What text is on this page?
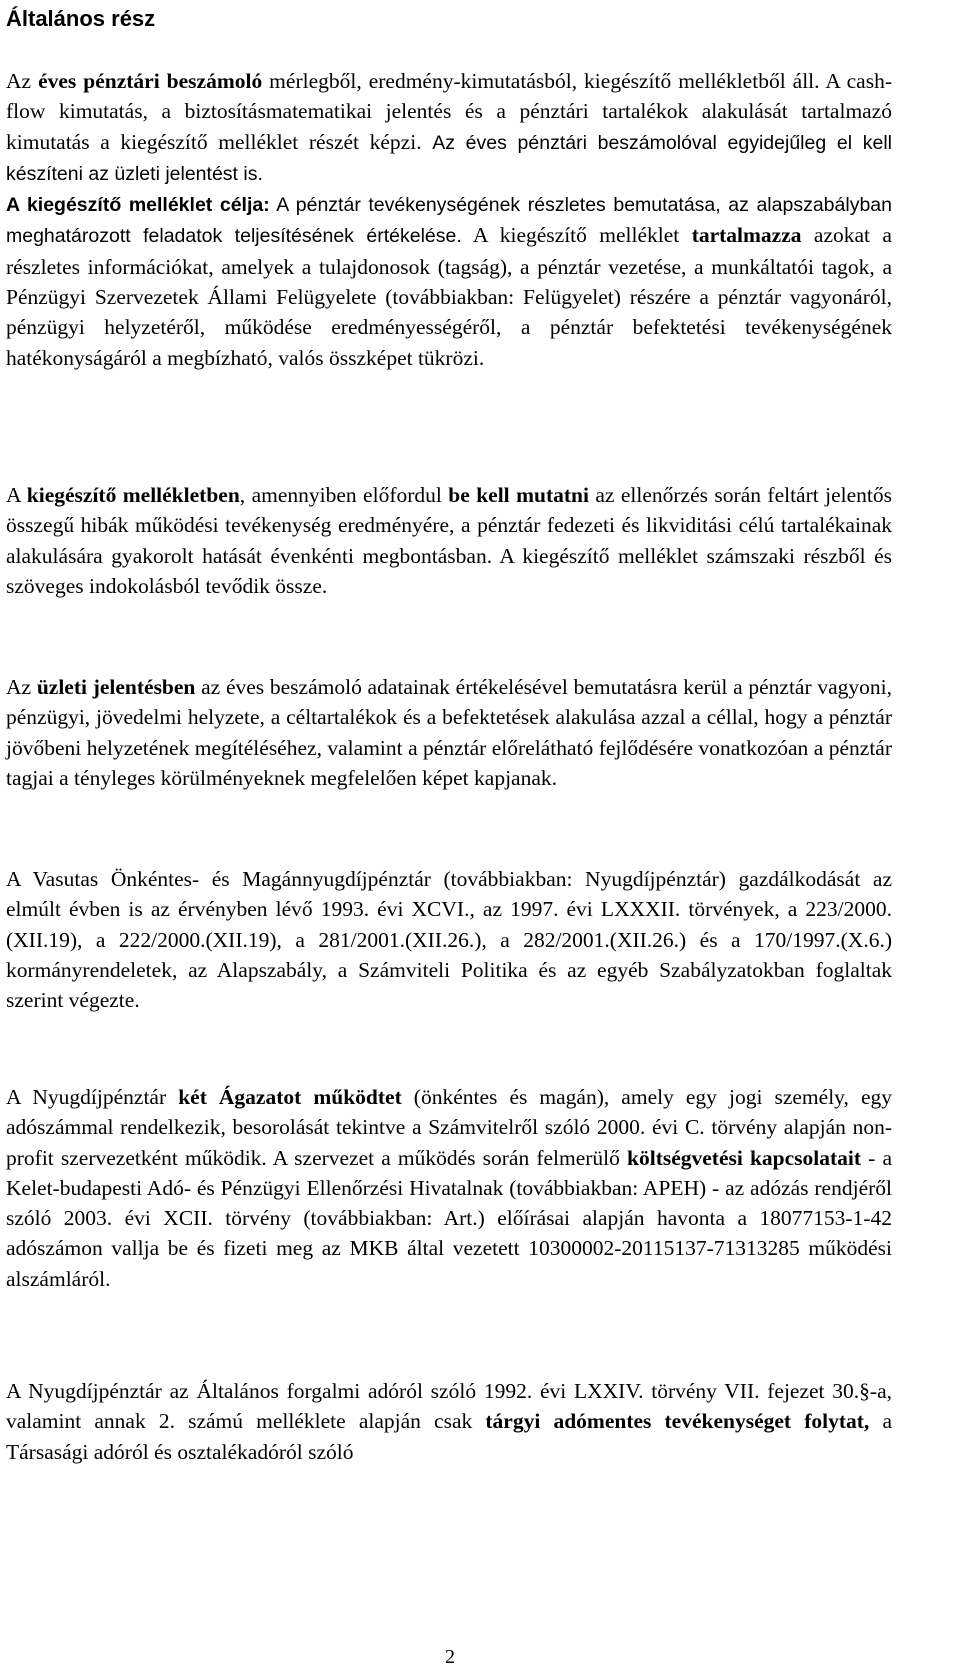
Általános rész

Az éves pénztári beszámoló mérlegből, eredmény-kimutatásból, kiegészítő mellékletből áll. A cash-flow kimutatás, a biztosításmatematikai jelentés és a pénztári tartalékok alakulását tartalmazó kimutatás a kiegészítő melléklet részét képzi. Az éves pénztári beszámolóval egyidejűleg el kell készíteni az üzleti jelentést is.
A kiegészítő melléklet célja: A pénztár tevékenységének részletes bemutatása, az alapszabályban meghatározott feladatok teljesítésének értékelése. A kiegészítő melléklet tartalmazza azokat a részletes információkat, amelyek a tulajdonosok (tagság), a pénztár vezetése, a munkáltatói tagok, a Pénzügyi Szervezetek Állami Felügyelete (továbbiakban: Felügyelet) részére a pénztár vagyonáról, pénzügyi helyzetéről, működése eredményességéről, a pénztár befektetési tevékenységének hatékonyságáról a megbízható, valós összképet tükrözi.

A kiegészítő mellékletben, amennyiben előfordul be kell mutatni az ellenőrzés során feltárt jelentős összegű hibák működési tevékenység eredményére, a pénztár fedezeti és likviditási célú tartalékainak alakulására gyakorolt hatását évenkénti megbontásban. A kiegészítő melléklet számszaki részből és szöveges indokolásból tevődik össze.

Az üzleti jelentésben az éves beszámoló adatainak értékelésével bemutatásra kerül a pénztár vagyoni, pénzügyi, jövedelmi helyzete, a céltartalékok és a befektetések alakulása azzal a céllal, hogy a pénztár jövőbeni helyzetének megítéléséhez, valamint a pénztár előrelátható fejlődésére vonatkozóan a pénztár tagjai a tényleges körülményeknek megfelelően képet kapjanak.

A Vasutas Önkéntes- és Magánnyugdíjpénztár (továbbiakban: Nyugdíjpénztár) gazdálkodását az elmúlt évben is az érvényben lévő 1993. évi XCVI., az 1997. évi LXXXII. törvények, a 223/2000.(XII.19), a 222/2000.(XII.19), a 281/2001.(XII.26.), a 282/2001.(XII.26.) és a 170/1997.(X.6.) kormányrendeletek, az Alapszabály, a Számviteli Politika és az egyéb Szabályzatokban foglaltak szerint végezte.

A Nyugdíjpénztár két Ágazatot működtet (önkéntes és magán), amely egy jogi személy, egy adószámmal rendelkezik, besorolását tekintve a Számvitelről szóló 2000. évi C. törvény alapján non-profit szervezetként működik. A szervezet a működés során felmerülő költségvetési kapcsolatait - a Kelet-budapesti Adó- és Pénzügyi Ellenőrzési Hivatalnak (továbbiakban: APEH) - az adózás rendjéről szóló 2003. évi XCII. törvény (továbbiakban: Art.) előírásai alapján havonta a 18077153-1-42 adószámon vallja be és fizeti meg az MKB által vezetett 10300002-20115137-71313285 működési alszámláról.

A Nyugdíjpénztár az Általános forgalmi adóról szóló 1992. évi LXXIV. törvény VII. fejezet 30.§-a, valamint annak 2. számú melléklete alapján csak tárgyi adómentes tevékenységet folytat, a Társasági adóról és osztalékadóról szóló

2
